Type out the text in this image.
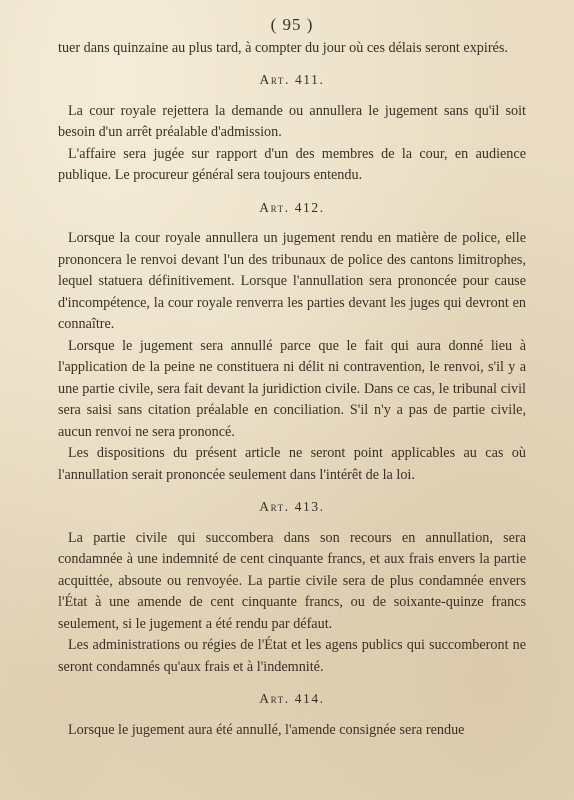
( 95 )

tuer dans quinzaine au plus tard, à compter du jour où ces délais seront expirés.

Art. 411.

La cour royale rejettera la demande ou annullera le jugement sans qu'il soit besoin d'un arrêt préalable d'admission.

L'affaire sera jugée sur rapport d'un des membres de la cour, en audience publique. Le procureur général sera toujours entendu.

Art. 412.

Lorsque la cour royale annullera un jugement rendu en matière de police, elle prononcera le renvoi devant l'un des tribunaux de police des cantons limitrophes, lequel statuera définitivement. Lorsque l'annullation sera prononcée pour cause d'incompétence, la cour royale renverra les parties devant les juges qui devront en connaître.

Lorsque le jugement sera annullé parce que le fait qui aura donné lieu à l'application de la peine ne constituera ni délit ni contravention, le renvoi, s'il y a une partie civile, sera fait devant la juridiction civile. Dans ce cas, le tribunal civil sera saisi sans citation préalable en conciliation. S'il n'y a pas de partie civile, aucun renvoi ne sera prononcé.

Les dispositions du présent article ne seront point applicables au cas où l'annullation serait prononcée seulement dans l'intérêt de la loi.

Art. 413.

La partie civile qui succombera dans son recours en annullation, sera condamnée à une indemnité de cent cinquante francs, et aux frais envers la partie acquittée, absoute ou renvoyée. La partie civile sera de plus condamnée envers l'État à une amende de cent cinquante francs, ou de soixante-quinze francs seulement, si le jugement a été rendu par défaut.

Les administrations ou régies de l'État et les agens publics qui succomberont ne seront condamnés qu'aux frais et à l'indemnité.

Art. 414.

Lorsque le jugement aura été annullé, l'amende consignée sera rendue
